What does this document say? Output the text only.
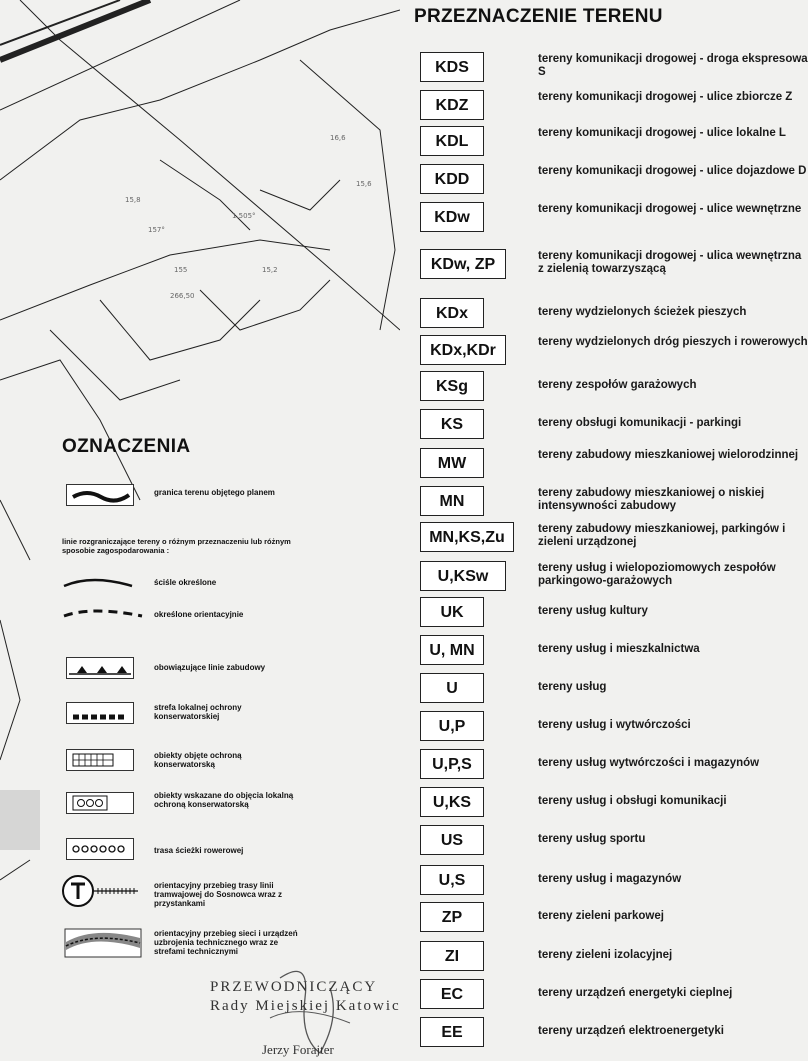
15,8
157°
266,50
155
1.505°
15,2
16,6
15,6
PRZEZNACZENIE TERENU
KDS	tereny komunikacji drogowej - droga ekspresowa S
KDZ	tereny komunikacji drogowej - ulice zbiorcze Z
KDL	tereny komunikacji drogowej - ulice lokalne L
KDD	tereny komunikacji drogowej - ulice dojazdowe D
KDw	tereny komunikacji drogowej - ulice wewnętrzne
KDw, ZP	tereny komunikacji drogowej - ulica wewnętrzna z zielenią towarzyszącą
KDx	tereny wydzielonych ścieżek pieszych
KDx,KDr	tereny wydzielonych dróg pieszych i rowerowych
KSg	tereny zespołów garażowych
KS	tereny obsługi komunikacji - parkingi
MW	tereny zabudowy mieszkaniowej wielorodzinnej
MN	tereny zabudowy mieszkaniowej o niskiej intensywności zabudowy
MN,KS,Zu	tereny zabudowy mieszkaniowej, parkingów i zieleni urządzonej
U,KSw	tereny usług i wielopoziomowych zespołów parkingowo-garażowych
UK	tereny usług kultury
U, MN	tereny usług i mieszkalnictwa
U	tereny usług
U,P	tereny usług i wytwórczości
U,P,S	tereny usług wytwórczości i magazynów
U,KS	tereny usług i obsługi komunikacji
US	tereny usług sportu
U,S	tereny usług i magazynów
ZP	tereny zieleni parkowej
ZI	tereny zieleni izolacyjnej
EC	tereny urządzeń energetyki cieplnej
EE	tereny urządzeń elektroenergetyki
OZNACZENIA
granica terenu objętego planem
linie rozgraniczające tereny o różnym przeznaczeniu lub różnym sposobie zagospodarowania :
ściśle określone
określone orientacyjnie
obowiązujące linie zabudowy
strefa lokalnej ochrony konserwatorskiej
obiekty objęte ochroną konserwatorską
obiekty wskazane do objęcia lokalną ochroną konserwatorską
trasa ścieżki rowerowej
orientacyjny przebieg trasy linii tramwajowej do Sosnowca wraz z przystankami
orientacyjny przebieg sieci i urządzeń uzbrojenia technicznego wraz ze strefami technicznymi
PRZEWODNICZĄCY
Rady Miejskiej Katowic
Jerzy Forajter
